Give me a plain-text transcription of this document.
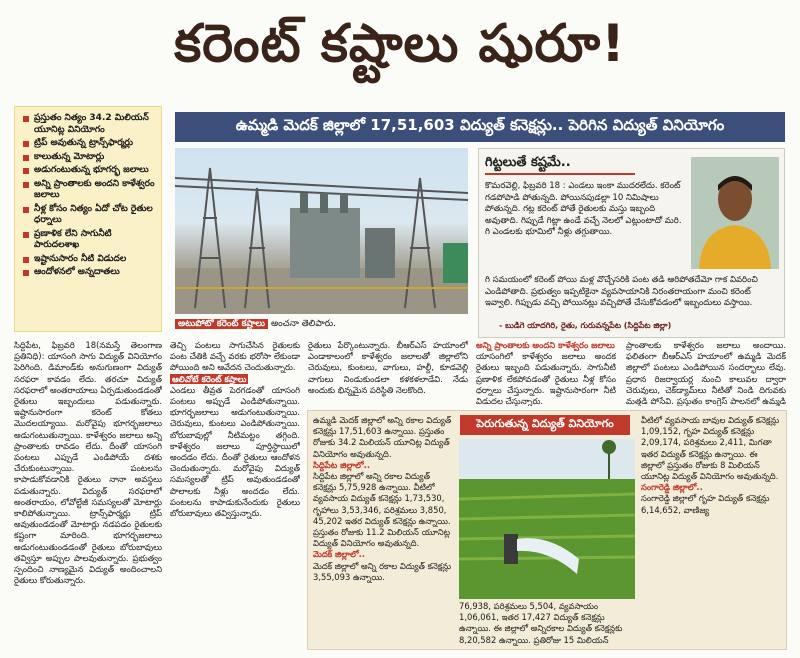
కరెంట్ కష్టాలు షురూ!
ప్రస్తుతం నిత్యం 34.2 మిలియన్ యూనిట్ల వినియోగం
ట్రిప్ అవుతున్న ట్రాన్స్‌ఫార్మర్లు
కాలుతున్న మోటార్లు
అడుగంటుతున్న భూగర్భ జలాలు
అన్ని ప్రాంతాలకు అందని కాళేశ్వరం జలాలు
నీళ్ల కోసం నిత్యం ఏదో చోట రైతుల ధర్నాలు
ప్రణాళిక లేని సాగునీటి పారుదలశాఖ
ఇష్టానుసారం నీటి విడుదల
ఆందోళనలో అన్నదాతలు
ఉమ్మడి మెదక్ జిల్లాలో 17,51,603 విద్యుత్ కనెక్షన్లు.. పెరిగిన విద్యుత్ వినియోగం
అటుపోటో కరెంట్ కష్టాలు అంచనా తెలిపారు.
గిట్టలుతే కష్టమే..
కొమరవెల్లి, ఫిబ్రవరి 18 : ఎండలు ఇంకా ముదరలేదు. కరెంట్ గడపోపాడి పోతున్నది. పోయినపుడల్లా 10 నిమిషాలు పోతున్నది. గట్ల కరెంట్ పోతే రైతులకు మస్తు ఇబ్బంది అవుతాది. గిప్పుడే గిట్లా ఉండే వచ్చే నెలలో ఎట్లుంటాదో మరి. గి ఎండలకు భూమిలో నీళ్లు తగ్గుతాయి.
గి సమయంలో కరెంట్ పోయి మళ్ల వొచ్చేసరికి పంట తడి ఆరిపోతదేమో గాక వివరించి ఎండిపోతాది. ప్రభుత్వం ఇప్పటికైనా వ్యవసాయానికి నిరంతరాయంగా మంచి కరెంట్ ఇవ్వాలి. గిప్పుడు వచ్చి పోయినట్లు వచ్చిపోతే చేసుకోవడంలో ఇబ్బందులు వస్తాయి.
- బుడిగె యాదగిరి, రైతు, గురువన్నపేట (సిద్దిపేట జిల్లా)
సిద్దిపేట, ఫిబ్రవరి 18(నమస్తే తెలంగాణ ప్రతినిధి): యాసంగి సాగు విద్యుత్ వినియోగం పెరిగింది. డిమాండ్‌కు అనుగుణంగా విద్యుత్ సరఫరా కావడం లేదు. తరచూ విద్యుత్ సరఫరాలో అంతరాయాలు ఏర్పడుతుండడంతో రైతులు ఇబ్బందులు పడుతున్నారు. ఇష్టానుసారంగా కరెంట్ కోతలు మొదలయ్యాయి. మరోవైపు భూగర్భజలాలు అడుగంటుతున్నాయి. కాళేశ్వరం జలాలు అన్ని ప్రాంతాలకు రావడం లేదు. దీంతో యాసంగి పంటలు ఎప్పుడే ఎండిపోయే దశకు చేరుకుంటున్నాయి. పంటలను కాపాడుకోవడానికి రైతులు నానా అవస్థలు పడుతున్నారు. విద్యుత్ సరఫరాలో అంతరాయం, లోవోల్టేజీ సమస్యలతో మోటార్లు కాలిపోతున్నాయి. ట్రాన్స్‌ఫార్మర్లు ట్రిప్ అవుతుండడంతో మోటార్లు నడపడం రైతులకు కష్టంగా మారింది. భూగర్భజలాలు అడుగంటుతుండడంతో రైతులు బోరుబావులు తవ్విస్తూ అప్పుల పాలవుతున్నారు. ప్రభుత్వం స్పందించి నాణ్యమైన విద్యుత్ అందించాలని రైతులు కోరుతున్నారు.
తెచ్చి పంటలు సాగుచేసిన రైతులకు పంట చేతికి వచ్చే వరకు భరోసా లేకుండా పోయింది అని ఆవేదన చెందుతున్నారు.
ఆలివోటే కరెంట్ కష్టాలు
ఎండలు తీవ్రత పెరగడంతో యాసంగి పంటలు అప్పుడే ఎండిపోతున్నాయి. భూగర్భజలాలు అడుగంటుతున్నాయి. చెరువులు, కుంటలు ఎండిపోతున్నాయి. బోరుబావుల్లో నీటిమట్టం తగ్గింది. కాళేశ్వరం జలాలు పూర్తిస్థాయిలో అందడం లేదు. దీంతో రైతులు ఆందోళన చెందుతున్నారు. మరోవైపు విద్యుత్ సమస్యలతో ట్రిప్ అవుతుండడంతో పొలాలకు నీళ్లు అందడం లేదు. పంటలను కాపాడుకునేందుకు రైతులు బోరుబావులు తవ్విస్తున్నారు.
రైతులు పేర్కొంటున్నారు. బీఆర్‌ఎస్ హయాంలో ఎండాకాలంలో కాళేశ్వరం జలాలతో జిల్లాలోని చెరువులు, కుంటలు, వాగులు, హల్దీ, కూడవెల్లి వాగులు నిండుకుండలా కళకళలాడేవి. నేడు అందుకు భిన్నమైన పరిస్థితి నెలకొంది.
అన్ని ప్రాంతాలకు అందని కాళేశ్వరం జలాలు
యాసంగిలో కాళేశ్వరం జలాలు అందక రైతులు ఇబ్బంది పడుతున్నారు. సాగునీటి ప్రణాళిక లేకపోవడంతో రైతులు నీళ్ల కోసం ధర్నాలు చేస్తున్నారు. ఇష్టానుసారంగా నీటి విడుదల చేస్తున్నారు.
ప్రాంతాలకు కాళేశ్వరం జలాలు అందాయి. ఫలితంగా బీఆర్‌ఎస్ హయాంలో ఉమ్మడి మెదక్ జిల్లాలో పంటలు ఎండిపోయిన సందర్భాలు లేవు. ప్రధాన రిజర్వాయర్ల నుంచి కాలువల ద్వారా చెరువులు, చెక్‌డ్యామ్‌లు నీటితో నిండి దిగువకు మత్తడి పోసేవి. ప్రస్తుతం కాంగ్రెస్ పాలనలో ఉమ్మడి
ఉమ్మడి మెదక్ జిల్లాలో అన్ని రకాల విద్యుత్ కనెక్షన్లు 17,51,603 ఉన్నాయి. ప్రస్తుతం రోజుకు 34.2 మిలియన్ యూనిట్ల విద్యుత్ వినియోగం అవుతున్నది.
సిద్దిపేట జిల్లాలో..
సిద్దిపేట జిల్లాలో అన్ని రకాల విద్యుత్ కనెక్షన్లు 5,75,928 ఉన్నాయి. వీటిలో వ్యవసాయ విద్యుత్ కనెక్షన్లు 1,73,530, గృహాలు 3,53,346, పరిశ్రమలు 3,850, 45,202 ఇతర విద్యుత్ కనెక్షన్లు ఉన్నాయి. ప్రస్తుతం రోజుకు 11.2 మిలియన్ యూనిట్ల విద్యుత్ వినియోగం అవుతున్నది.
మెదక్ జిల్లాలో..
మెదక్ జిల్లాలో అన్ని రకాల విద్యుత్ కనెక్షన్లు 3,55,093 ఉన్నాయి.
పెరుగుతున్న విద్యుత్ వినియోగం
76,938, పరిశ్రమలు 5,504, వ్యవసాయం 1,06,061, ఇతర 17,427 విద్యుత్ కనెక్షన్లు ఉన్నాయి. ఈ జిల్లాలో అన్నిరకాల విద్యుత్ కనెక్షన్లకు 8,20,582 ఉన్నాయి. ప్రతిరోజు 15 మిలియన్
వీటిలో వ్యవసాయ బావుల విద్యుత్ కనెక్షన్లు 1,09,152, గృహ విద్యుత్ కనెక్షన్లు 2,09,174, పరిశ్రమలు 2,411, మిగతా ఇతర విద్యుత్ కనెక్షన్లు ఉన్నాయి. ఈ జిల్లాలో ప్రస్తుతం రోజుకు 8 మిలియన్ యూనిట్ల విద్యుత్ వినియోగం అవుతున్నది.
సంగారెడ్డి జిల్లాలో..
సంగారెడ్డి జిల్లాలో గృహ విద్యుత్ కనెక్షన్లు 6,14,652, వాణిజ్య
